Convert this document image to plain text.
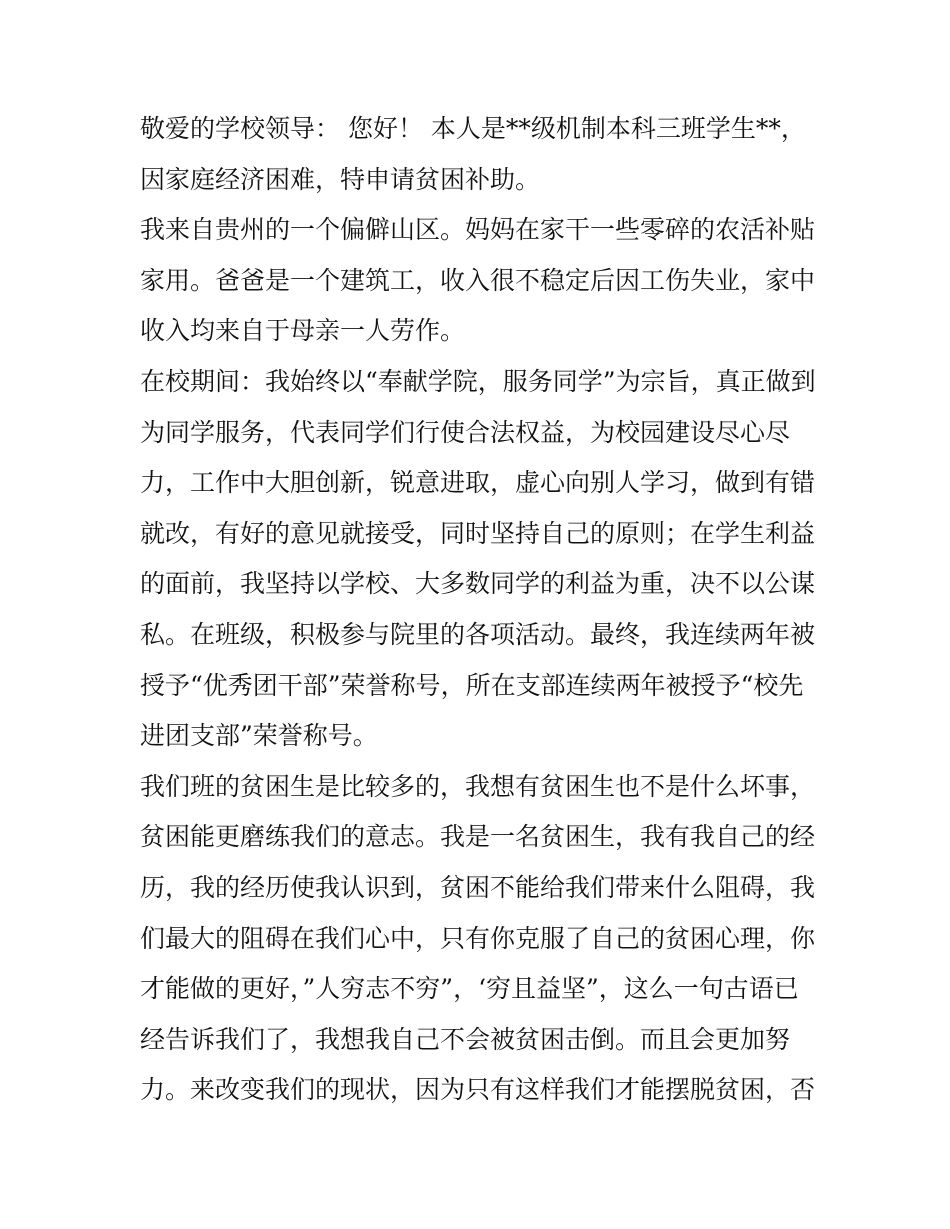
敬爱的学校领导： 您好！ 本人是**级机制本科三班学生**，
因家庭经济困难，特申请贫困补助。
我来自贵州的一个偏僻山区。妈妈在家干一些零碎的农活补贴
家用。爸爸是一个建筑工，收入很不稳定后因工伤失业，家中
收入均来自于母亲一人劳作。
在校期间：我始终以“奉献学院，服务同学”为宗旨，真正做到
为同学服务，代表同学们行使合法权益，为校园建设尽心尽
力，工作中大胆创新，锐意进取，虚心向别人学习，做到有错
就改，有好的意见就接受，同时坚持自己的原则；在学生利益
的面前，我坚持以学校、大多数同学的利益为重，决不以公谋
私。在班级，积极参与院里的各项活动。最终，我连续两年被
授予“优秀团干部”荣誉称号，所在支部连续两年被授予“校先
进团支部”荣誉称号。
我们班的贫困生是比较多的，我想有贫困生也不是什么坏事，
贫困能更磨练我们的意志。我是一名贫困生，我有我自己的经
历，我的经历使我认识到，贫困不能给我们带来什么阻碍，我
们最大的阻碍在我们心中，只有你克服了自己的贫困心理，你
才能做的更好，”人穷志不穷”，‘穷且益坚”，这么一句古语已
经告诉我们了，我想我自己不会被贫困击倒。而且会更加努
力。来改变我们的现状，因为只有这样我们才能摆脱贫困，否
